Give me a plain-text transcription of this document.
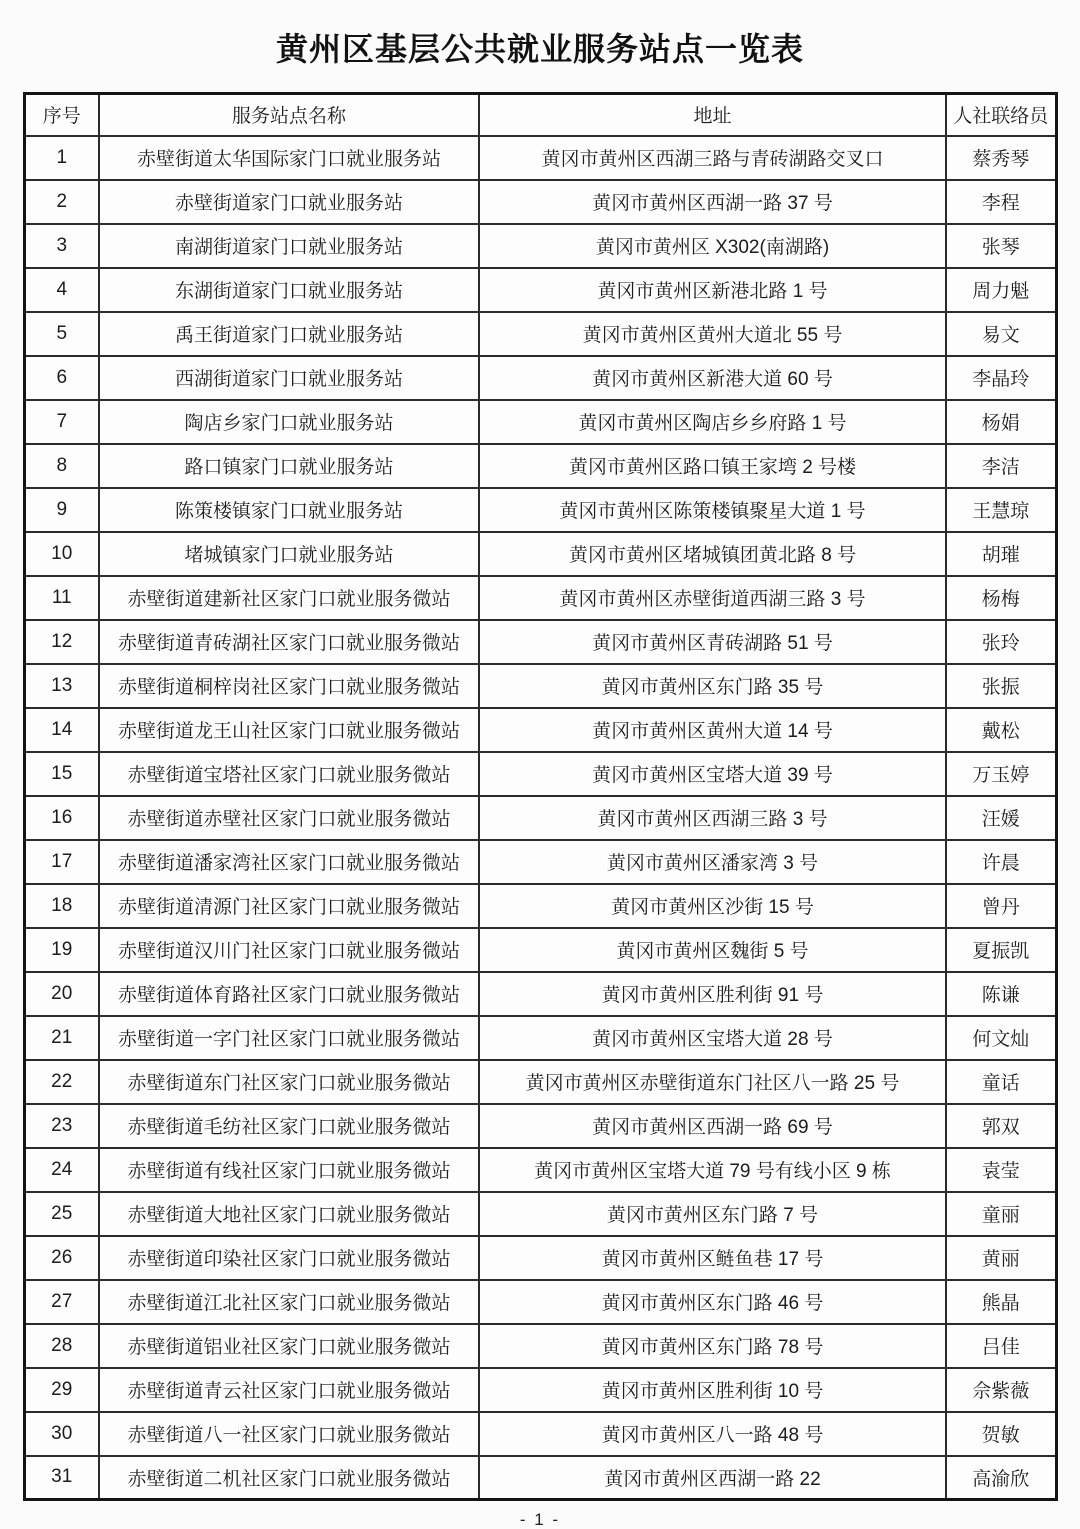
黄州区基层公共就业服务站点一览表
序号	服务站点名称	地址	人社联络员
1	赤壁街道太华国际家门口就业服务站	黄冈市黄州区西湖三路与青砖湖路交叉口	蔡秀琴
2	赤壁街道家门口就业服务站	黄冈市黄州区西湖一路 37 号	李程
3	南湖街道家门口就业服务站	黄冈市黄州区 X302(南湖路)	张琴
4	东湖街道家门口就业服务站	黄冈市黄州区新港北路 1 号	周力魁
5	禹王街道家门口就业服务站	黄冈市黄州区黄州大道北 55 号	易文
6	西湖街道家门口就业服务站	黄冈市黄州区新港大道 60 号	李晶玲
7	陶店乡家门口就业服务站	黄冈市黄州区陶店乡乡府路 1 号	杨娟
8	路口镇家门口就业服务站	黄冈市黄州区路口镇王家塆 2 号楼	李洁
9	陈策楼镇家门口就业服务站	黄冈市黄州区陈策楼镇聚星大道 1 号	王慧琼
10	堵城镇家门口就业服务站	黄冈市黄州区堵城镇团黄北路 8 号	胡璀
11	赤壁街道建新社区家门口就业服务微站	黄冈市黄州区赤壁街道西湖三路 3 号	杨梅
12	赤壁街道青砖湖社区家门口就业服务微站	黄冈市黄州区青砖湖路 51 号	张玲
13	赤壁街道桐梓岗社区家门口就业服务微站	黄冈市黄州区东门路 35 号	张振
14	赤壁街道龙王山社区家门口就业服务微站	黄冈市黄州区黄州大道 14 号	戴松
15	赤壁街道宝塔社区家门口就业服务微站	黄冈市黄州区宝塔大道 39 号	万玉婷
16	赤壁街道赤壁社区家门口就业服务微站	黄冈市黄州区西湖三路 3 号	汪媛
17	赤壁街道潘家湾社区家门口就业服务微站	黄冈市黄州区潘家湾 3 号	许晨
18	赤壁街道清源门社区家门口就业服务微站	黄冈市黄州区沙街 15 号	曾丹
19	赤壁街道汉川门社区家门口就业服务微站	黄冈市黄州区魏街 5 号	夏振凯
20	赤壁街道体育路社区家门口就业服务微站	黄冈市黄州区胜利街 91 号	陈谦
21	赤壁街道一字门社区家门口就业服务微站	黄冈市黄州区宝塔大道 28 号	何文灿
22	赤壁街道东门社区家门口就业服务微站	黄冈市黄州区赤壁街道东门社区八一路 25 号	童话
23	赤壁街道毛纺社区家门口就业服务微站	黄冈市黄州区西湖一路 69 号	郭双
24	赤壁街道有线社区家门口就业服务微站	黄冈市黄州区宝塔大道 79 号有线小区 9 栋	袁莹
25	赤壁街道大地社区家门口就业服务微站	黄冈市黄州区东门路 7 号	童丽
26	赤壁街道印染社区家门口就业服务微站	黄冈市黄州区鲢鱼巷 17 号	黄丽
27	赤壁街道江北社区家门口就业服务微站	黄冈市黄州区东门路 46 号	熊晶
28	赤壁街道铝业社区家门口就业服务微站	黄冈市黄州区东门路 78 号	吕佳
29	赤壁街道青云社区家门口就业服务微站	黄冈市黄州区胜利街 10 号	佘紫薇
30	赤壁街道八一社区家门口就业服务微站	黄冈市黄州区八一路 48 号	贺敏
31	赤壁街道二机社区家门口就业服务微站	黄冈市黄州区西湖一路 22	高渝欣
- 1 -
